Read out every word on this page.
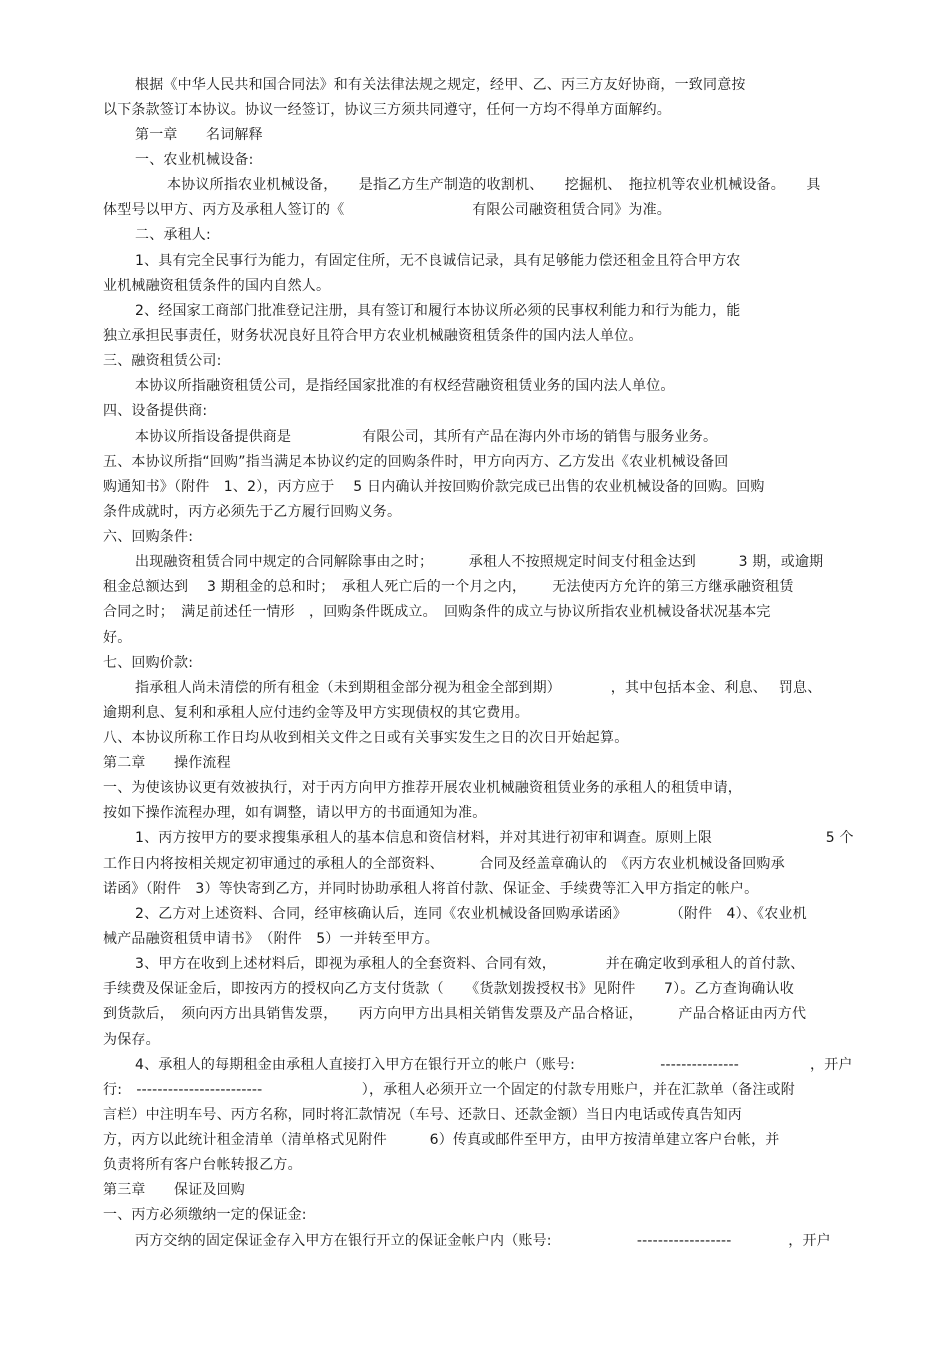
根据《中华人民共和国合同法》和有关法律法规之规定，经甲、乙、丙三方友好协商，一致同意按
以下条款签订本协议。协议一经签订，协议三方须共同遵守，任何一方均不得单方面解约。
第一章　　名词解释
一、农业机械设备:
本协议所指农业机械设备，　　是指乙方生产制造的收割机、　　挖掘机、　拖拉机等农业机械设备。　　具
体型号以甲方、丙方及承租人签订的《　　　　　　　　　有限公司融资租赁合同》为准。
二、承租人:
1、具有完全民事行为能力，有固定住所，无不良诚信记录，具有足够能力偿还租金且符合甲方农
业机械融资租赁条件的国内自然人。
2、经国家工商部门批准登记注册，具有签订和履行本协议所必须的民事权利能力和行为能力，能
独立承担民事责任，财务状况良好且符合甲方农业机械融资租赁条件的国内法人单位。
三、融资租赁公司:
本协议所指融资租赁公司，是指经国家批准的有权经营融资租赁业务的国内法人单位。
四、设备提供商:
本协议所指设备提供商是　　　　　有限公司，其所有产品在海内外市场的销售与服务业务。
五、本协议所指“回购”指当满足本协议约定的回购条件时，甲方向丙方、乙方发出《农业机械设备回
购通知书》（附件　1、2），丙方应于　 5 日内确认并按回购价款完成已出售的农业机械设备的回购。回购
条件成就时，丙方必须先于乙方履行回购义务。
六、回购条件:
出现融资租赁合同中规定的合同解除事由之时；　　　承租人不按照规定时间支付租金达到　　　3 期，或逾期
租金总额达到　 3 期租金的总和时；　承租人死亡后的一个月之内，　　 无法使丙方允许的第三方继承融资租赁
合同之时；　满足前述任一情形　，回购条件既成立。　回购条件的成立与协议所指农业机械设备状况基本完
好。
七、回购价款:
指承租人尚未清偿的所有租金（未到期租金部分视为租金全部到期）　　　　，其中包括本金、利息、　 罚息、
逾期利息、复利和承租人应付违约金等及甲方实现债权的其它费用。
八、本协议所称工作日均从收到相关文件之日或有关事实发生之日的次日开始起算。
第二章　　操作流程
一、为使该协议更有效被执行，对于丙方向甲方推荐开展农业机械融资租赁业务的承租人的租赁申请，
按如下操作流程办理，如有调整，请以甲方的书面通知为准。
1、丙方按甲方的要求搜集承租人的基本信息和资信材料，并对其进行初审和调查。原则上限　　　　　　　　5 个
工作日内将按相关规定初审通过的承租人的全部资料、　　　合同及经盖章确认的　《丙方农业机械设备回购承
诺函》（附件　3）等快寄到乙方，并同时协助承租人将首付款、保证金、手续费等汇入甲方指定的帐户。
2、乙方对上述资料、合同，经审核确认后，连同《农业机械设备回购承诺函》　　　　（附件　4）、《农业机
械产品融资租赁申请书》　（附件　5）一并转至甲方。
3、甲方在收到上述材料后，即视为承租人的全套资料、合同有效，　　　　并在确定收到承租人的首付款、
手续费及保证金后，即按丙方的授权向乙方支付货款（　　《货款划拨授权书》见附件　　7）。乙方查询确认收
到货款后，　须向丙方出具销售发票，　　丙方向甲方出具相关销售发票及产品合格证，　　　产品合格证由丙方代
为保存。
4、承租人的每期租金由承租人直接打入甲方在银行开立的帐户（账号:　　　　　　---------------　　　　　，开户
行:　------------------------　　　　　　　），承租人必须开立一个固定的付款专用账户，并在汇款单（备注或附
言栏）中注明车号、丙方名称，同时将汇款情况（车号、还款日、还款金额）当日内电话或传真告知丙
方，丙方以此统计租金清单（清单格式见附件　　　6）传真或邮件至甲方，由甲方按清单建立客户台帐，并
负责将所有客户台帐转报乙方。
第三章　　保证及回购
一、丙方必须缴纳一定的保证金:
丙方交纳的固定保证金存入甲方在银行开立的保证金帐户内（账号:　　　　　　------------------　　　　，开户
